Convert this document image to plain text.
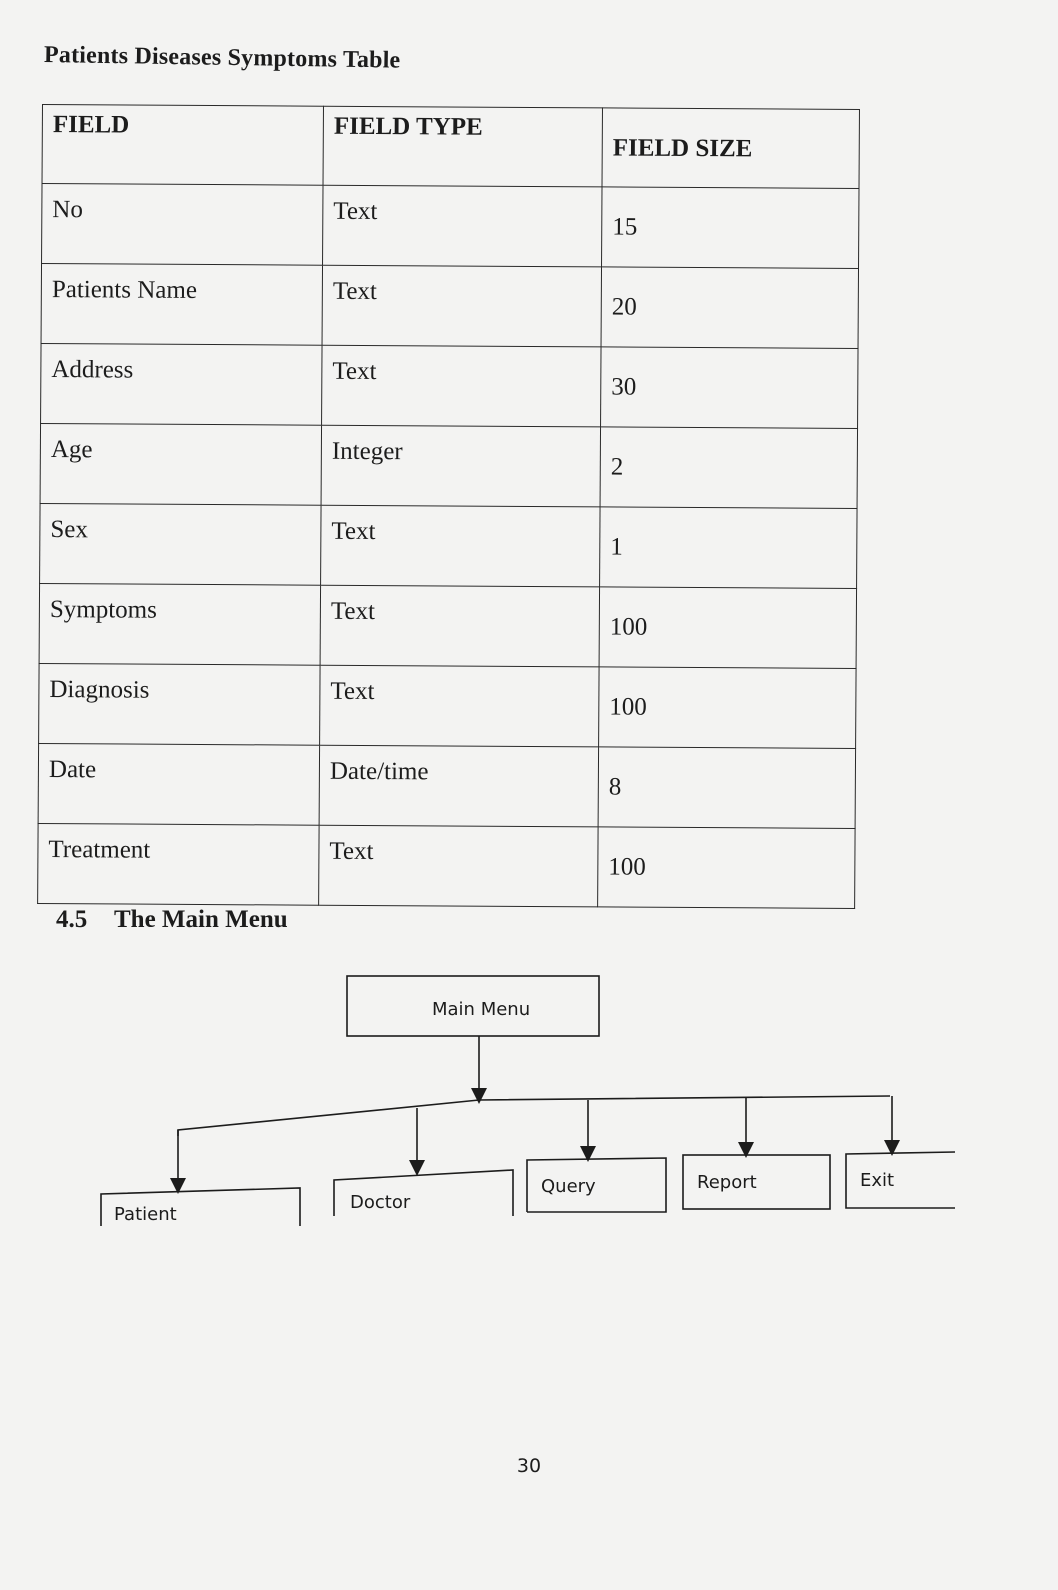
Patients Diseases Symptoms Table
FIELD	FIELD TYPE	FIELD SIZE
No	Text	15
Patients Name	Text	20
Address	Text	30
Age	Integer	2
Sex	Text	1
Symptoms	Text	100
Diagnosis	Text	100
Date	Date/time	8
Treatment	Text	100
4.5 The Main Menu
Main Menu
Patient
Doctor
Query	Report	Exit
30
